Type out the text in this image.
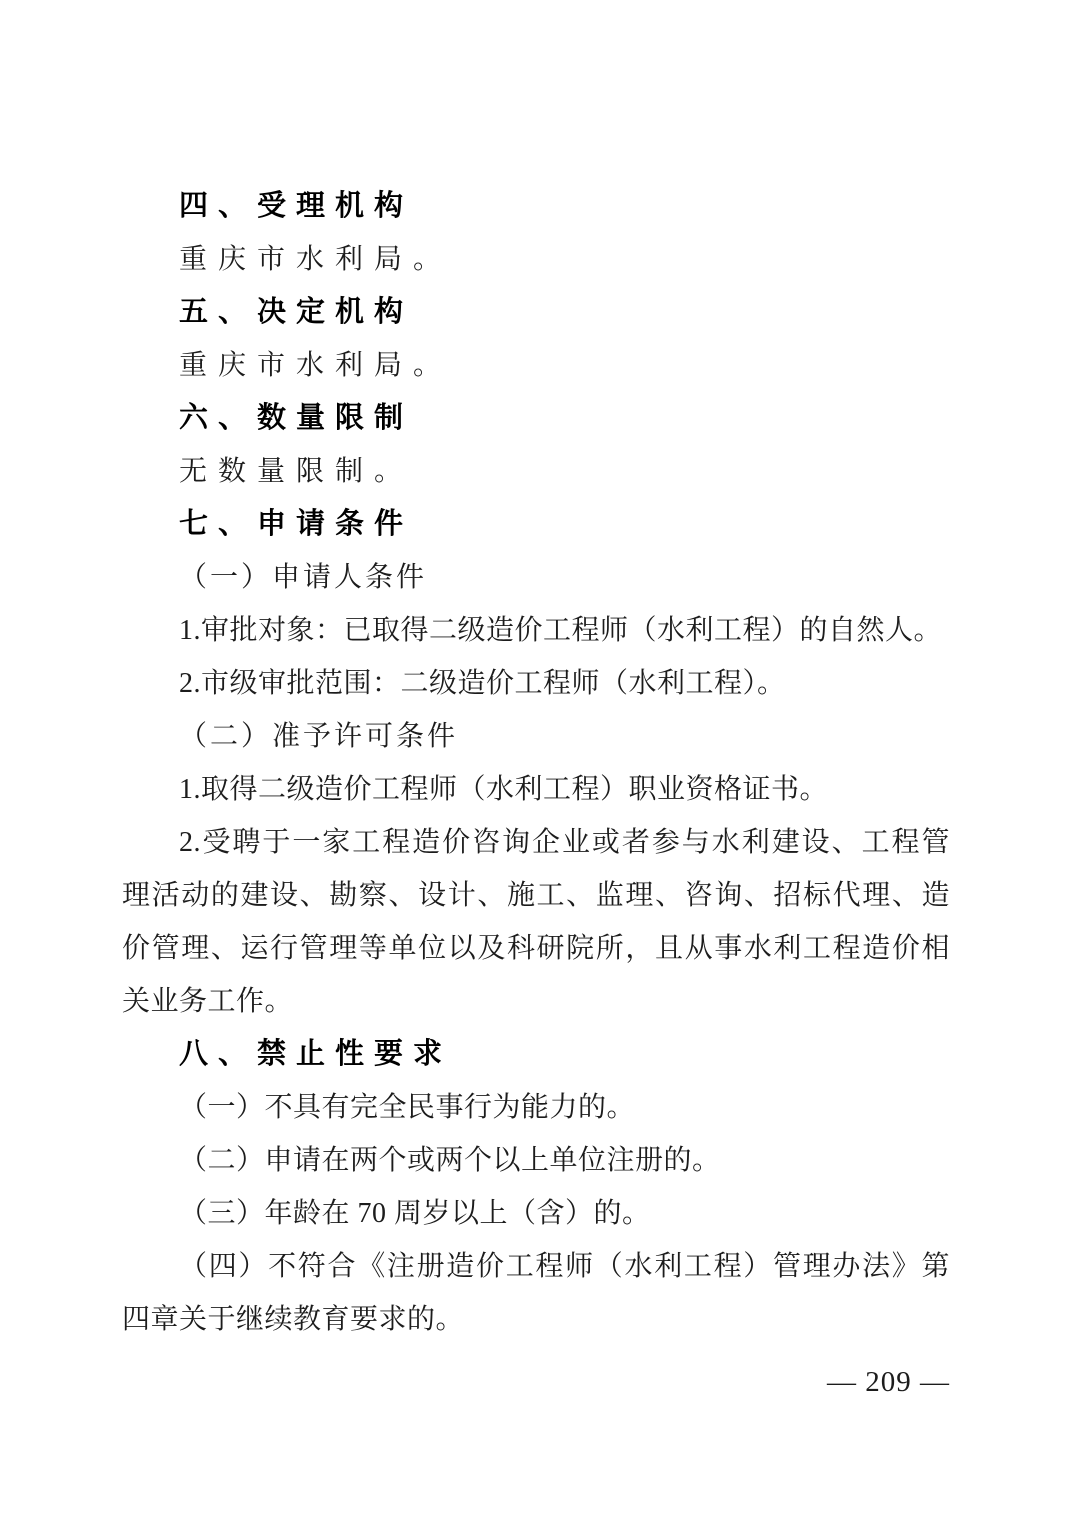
四、受理机构
重庆市水利局。
五、决定机构
重庆市水利局。
六、数量限制
无数量限制。
七、申请条件
（一）申请人条件
1.审批对象：已取得二级造价工程师（水利工程）的自然人。
2.市级审批范围：二级造价工程师（水利工程）。
（二）准予许可条件
1.取得二级造价工程师（水利工程）职业资格证书。
2.受聘于一家工程造价咨询企业或者参与水利建设、工程管
理活动的建设、勘察、设计、施工、监理、咨询、招标代理、造
价管理、运行管理等单位以及科研院所，且从事水利工程造价相
关业务工作。
八、禁止性要求
（一）不具有完全民事行为能力的。
（二）申请在两个或两个以上单位注册的。
（三）年龄在 70 周岁以上（含）的。
（四）不符合《注册造价工程师（水利工程）管理办法》第
四章关于继续教育要求的。
— 209 —
